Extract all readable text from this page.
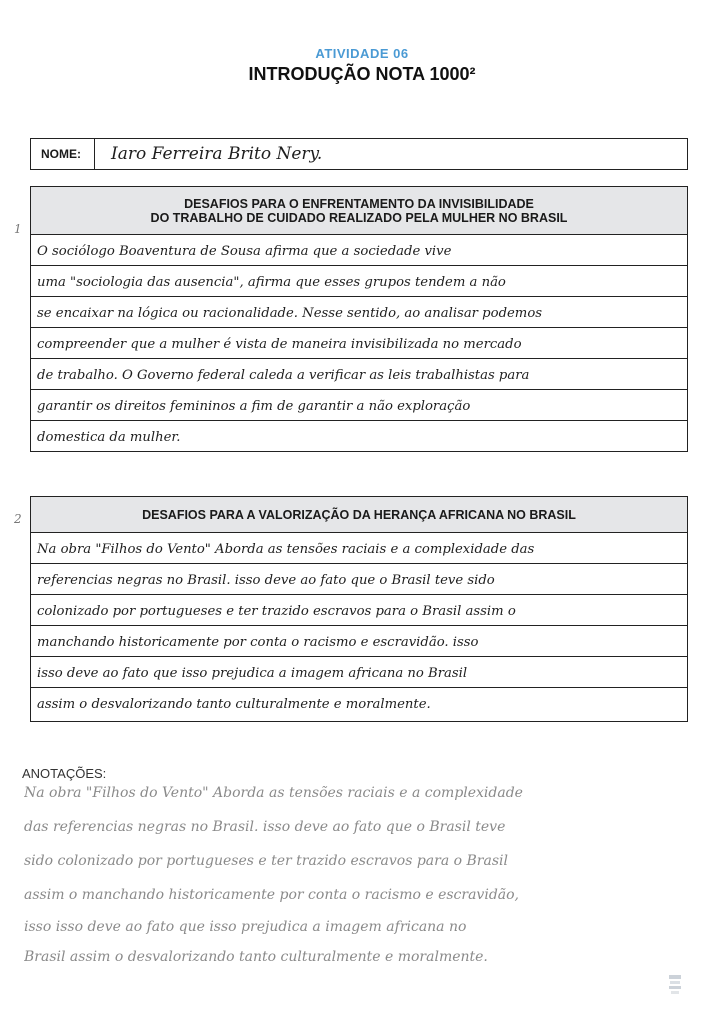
ATIVIDADE 06
INTRODUÇÃO NOTA 1000²
NOME:	Iaro Ferreira Brito Nery.
1
DESAFIOS PARA O ENFRENTAMENTO DA INVISIBILIDADE
DO TRABALHO DE CUIDADO REALIZADO PELA MULHER NO BRASIL
O sociólogo Boaventura de Sousa afirma que a sociedade vive
uma "sociologia das ausencia", afirma que esses grupos tendem a não
se encaixar na lógica ou racionalidade. Nesse sentido, ao analisar podemos
compreender que a mulher é vista de maneira invisibilizada no mercado
de trabalho. O Governo federal caleda a verificar as leis trabalhistas para
garantir os direitos femininos a fim de garantir a não exploração
domestica da mulher.
2	DESAFIOS PARA A VALORIZAÇÃO DA HERANÇA AFRICANA NO BRASIL
Na obra "Filhos do Vento" Aborda as tensões raciais e a complexidade das
referencias negras no Brasil. isso deve ao fato que o Brasil teve sido
colonizado por portugueses e ter trazido escravos para o Brasil assim o
manchando historicamente por conta o racismo e escravidão. isso
isso deve ao fato que isso prejudica a imagem africana no Brasil
assim o desvalorizando tanto culturalmente e moralmente.
ANOTAÇÕES:
Na obra "Filhos do Vento" Aborda as tensões raciais e a complexidade
das referencias negras no Brasil. isso deve ao fato que o Brasil teve
sido colonizado por portugueses e ter trazido escravos para o Brasil
assim o manchando historicamente por conta o racismo e escravidão,
isso isso deve ao fato que isso prejudica a imagem africana no
Brasil assim o desvalorizando tanto culturalmente e moralmente.
